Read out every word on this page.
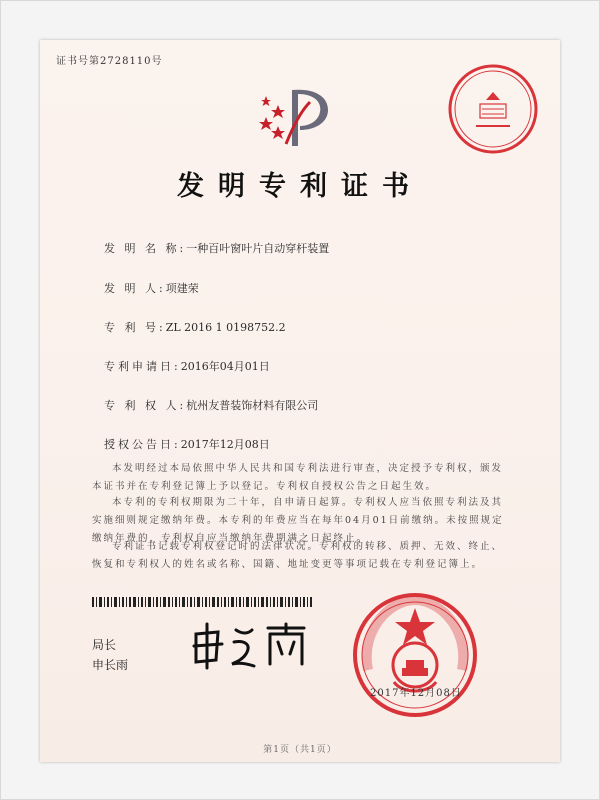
证书号第2728110号
发明专利证书
发 明 名 称:一种百叶窗叶片自动穿杆装置
发 明 人:项建荣
专 利 号:ZL 2016 1 0198752.2
专利申请日:2016年04月01日
专 利 权 人:杭州友普装饰材料有限公司
授权公告日:2017年12月08日
本发明经过本局依照中华人民共和国专利法进行审查，决定授予专利权，颁发本证书并在专利登记簿上予以登记。专利权自授权公告之日起生效。
本专利的专利权期限为二十年，自申请日起算。专利权人应当依照专利法及其实施细则规定缴纳年费。本专利的年费应当在每年04月01日前缴纳。未按照规定缴纳年费的，专利权自应当缴纳年费期满之日起终止。
专利证书记载专利权登记时的法律状况。专利权的转移、质押、无效、终止、恢复和专利权人的姓名或名称、国籍、地址变更等事项记载在专利登记簿上。
局长
申长雨
2017年12月08日
第1页（共1页）
